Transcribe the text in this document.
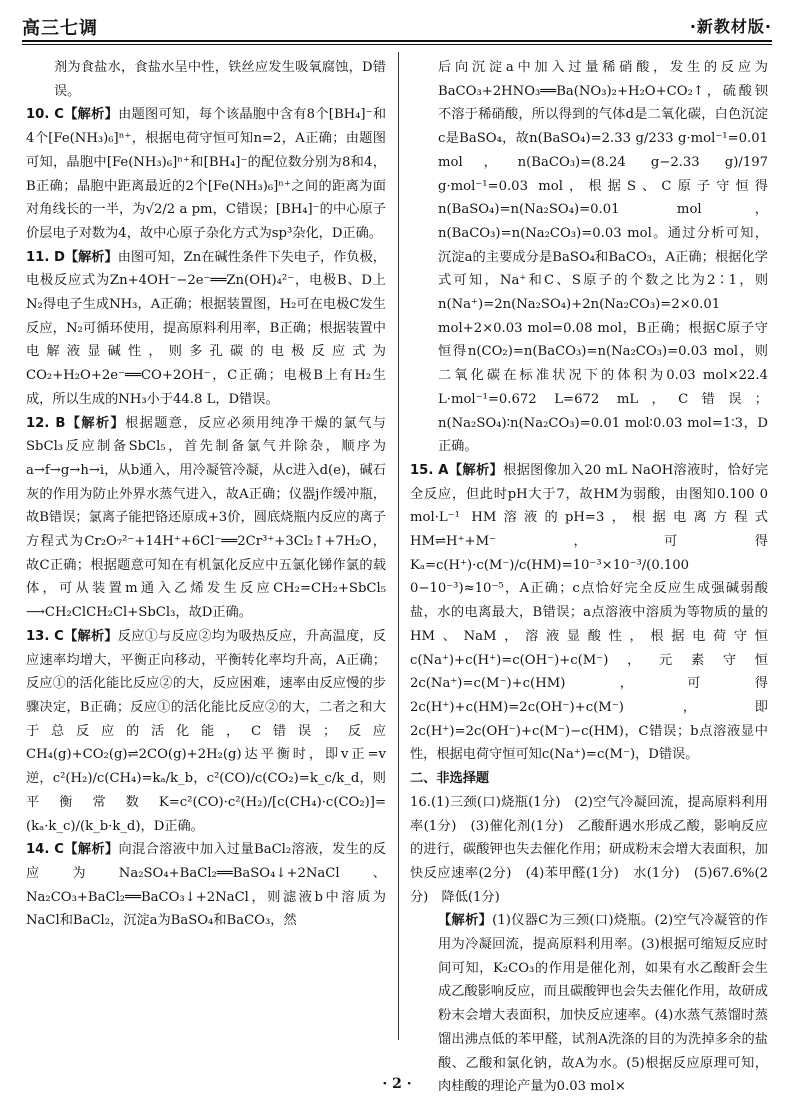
高三七调	·新教材版·

剂为食盐水，食盐水呈中性，铁丝应发生吸氧腐蚀，D错误。

10. C【解析】由题图可知，每个该晶胞中含有8个[BH₄]⁻和4个[Fe(NH₃)₆]ⁿ⁺，根据电荷守恒可知n=2，A正确；由题图可知，晶胞中[Fe(NH₃)₆]ⁿ⁺和[BH₄]⁻的配位数分别为8和4，B正确；晶胞中距离最近的2个[Fe(NH₃)₆]ⁿ⁺之间的距离为面对角线长的一半，为√2/2 a pm，C错误；[BH₄]⁻的中心原子价层电子对数为4，故中心原子杂化方式为sp³杂化，D正确。

11. D【解析】由图可知，Zn在碱性条件下失电子，作负极，电极反应式为Zn+4OH⁻−2e⁻══Zn(OH)₄²⁻，电极B、D上N₂得电子生成NH₃，A正确；根据装置图，H₂可在电极C发生反应，N₂可循环使用，提高原料利用率，B正确；根据装置中电解液显碱性，则多孔碳的电极反应式为CO₂+H₂O+2e⁻══CO+2OH⁻，C正确；电极B上有H₂生成，所以生成的NH₃小于44.8 L，D错误。

12. B【解析】根据题意，反应必须用纯净干燥的氯气与SbCl₃反应制备SbCl₅，首先制备氯气并除杂，顺序为a→f→g→h→i，从b通入，用冷凝管冷凝，从c进入d(e)，碱石灰的作用为防止外界水蒸气进入，故A正确；仪器j作缓冲瓶，故B错误；氯离子能把铬还原成+3价，圆底烧瓶内反应的离子方程式为Cr₂O₇²⁻+14H⁺+6Cl⁻══2Cr³⁺+3Cl₂↑+7H₂O，故C正确；根据题意可知在有机氯化反应中五氯化锑作氯的载体，可从装置m通入乙烯发生反应CH₂=CH₂+SbCl₅ ⟶CH₂ClCH₂Cl+SbCl₃，故D正确。

13. C【解析】反应①与反应②均为吸热反应，升高温度，反应速率均增大，平衡正向移动，平衡转化率均升高，A正确；反应①的活化能比反应②的大，反应困难，速率由反应慢的步骤决定，B正确；反应①的活化能比反应②的大，二者之和大于总反应的活化能，C错误；反应CH₄(g)+CO₂(g)⇌2CO(g)+2H₂(g)达平衡时，即v正=v逆，c²(H₂)/c(CH₄)=kₐ/k_b，c²(CO)/c(CO₂)=k_c/k_d，则平衡常数K=c²(CO)·c²(H₂)/[c(CH₄)·c(CO₂)]=(kₐ·k_c)/(k_b·k_d)，D正确。

14. C【解析】向混合溶液中加入过量BaCl₂溶液，发生的反应为Na₂SO₄+BaCl₂══BaSO₄↓+2NaCl、Na₂CO₃+BaCl₂══BaCO₃↓+2NaCl，则滤液b中溶质为NaCl和BaCl₂，沉淀a为BaSO₄和BaCO₃，然

后向沉淀a中加入过量稀硝酸，发生的反应为BaCO₃+2HNO₃══Ba(NO₃)₂+H₂O+CO₂↑，硫酸钡不溶于稀硝酸，所以得到的气体d是二氧化碳，白色沉淀c是BaSO₄，故n(BaSO₄)=2.33 g/233 g·mol⁻¹=0.01 mol，n(BaCO₃)=(8.24 g−2.33 g)/197 g·mol⁻¹=0.03 mol，根据S、C原子守恒得n(BaSO₄)=n(Na₂SO₄)=0.01 mol，n(BaCO₃)=n(Na₂CO₃)=0.03 mol。通过分析可知，沉淀a的主要成分是BaSO₄和BaCO₃，A正确；根据化学式可知，Na⁺和C、S原子的个数之比为2∶1，则n(Na⁺)=2n(Na₂SO₄)+2n(Na₂CO₃)=2×0.01 mol+2×0.03 mol=0.08 mol，B正确；根据C原子守恒得n(CO₂)=n(BaCO₃)=n(Na₂CO₃)=0.03 mol，则二氧化碳在标准状况下的体积为0.03 mol×22.4 L·mol⁻¹=0.672 L=672 mL，C错误；n(Na₂SO₄)∶n(Na₂CO₃)=0.01 mol∶0.03 mol=1∶3，D正确。

15. A【解析】根据图像加入20 mL NaOH溶液时，恰好完全反应，但此时pH大于7，故HM为弱酸，由图知0.100 0 mol·L⁻¹ HM溶液的pH=3，根据电离方程式HM⇌H⁺+M⁻，可得Kₐ=c(H⁺)·c(M⁻)/c(HM)=10⁻³×10⁻³/(0.100 0−10⁻³)≈10⁻⁵，A正确；c点恰好完全反应生成强碱弱酸盐，水的电离最大，B错误；a点溶液中溶质为等物质的量的HM、NaM，溶液显酸性，根据电荷守恒c(Na⁺)+c(H⁺)=c(OH⁻)+c(M⁻)，元素守恒2c(Na⁺)=c(M⁻)+c(HM)，可得2c(H⁺)+c(HM)=2c(OH⁻)+c(M⁻)，即2c(H⁺)=2c(OH⁻)+c(M⁻)−c(HM)，C错误；b点溶液显中性，根据电荷守恒可知c(Na⁺)=c(M⁻)，D错误。

二、非选择题

16.(1)三颈(口)烧瓶(1分)　(2)空气冷凝回流，提高原料利用率(1分)　(3)催化剂(1分)　乙酸酐遇水形成乙酸，影响反应的进行，碳酸钾也失去催化作用；研成粉末会增大表面积，加快反应速率(2分)　(4)苯甲醛(1分)　水(1分)　(5)67.6%(2分)　降低(1分)

【解析】(1)仪器C为三颈(口)烧瓶。(2)空气冷凝管的作用为冷凝回流，提高原料利用率。(3)根据可缩短反应时间可知，K₂CO₃的作用是催化剂，如果有水乙酸酐会生成乙酸影响反应，而且碳酸钾也会失去催化作用，故研成粉末会增大表面积，加快反应速率。(4)水蒸气蒸馏时蒸馏出沸点低的苯甲醛，试剂A洗涤的目的为洗掉多余的盐酸、乙酸和氯化钠，故A为水。(5)根据反应原理可知，肉桂酸的理论产量为0.03 mol×

· 2 ·
